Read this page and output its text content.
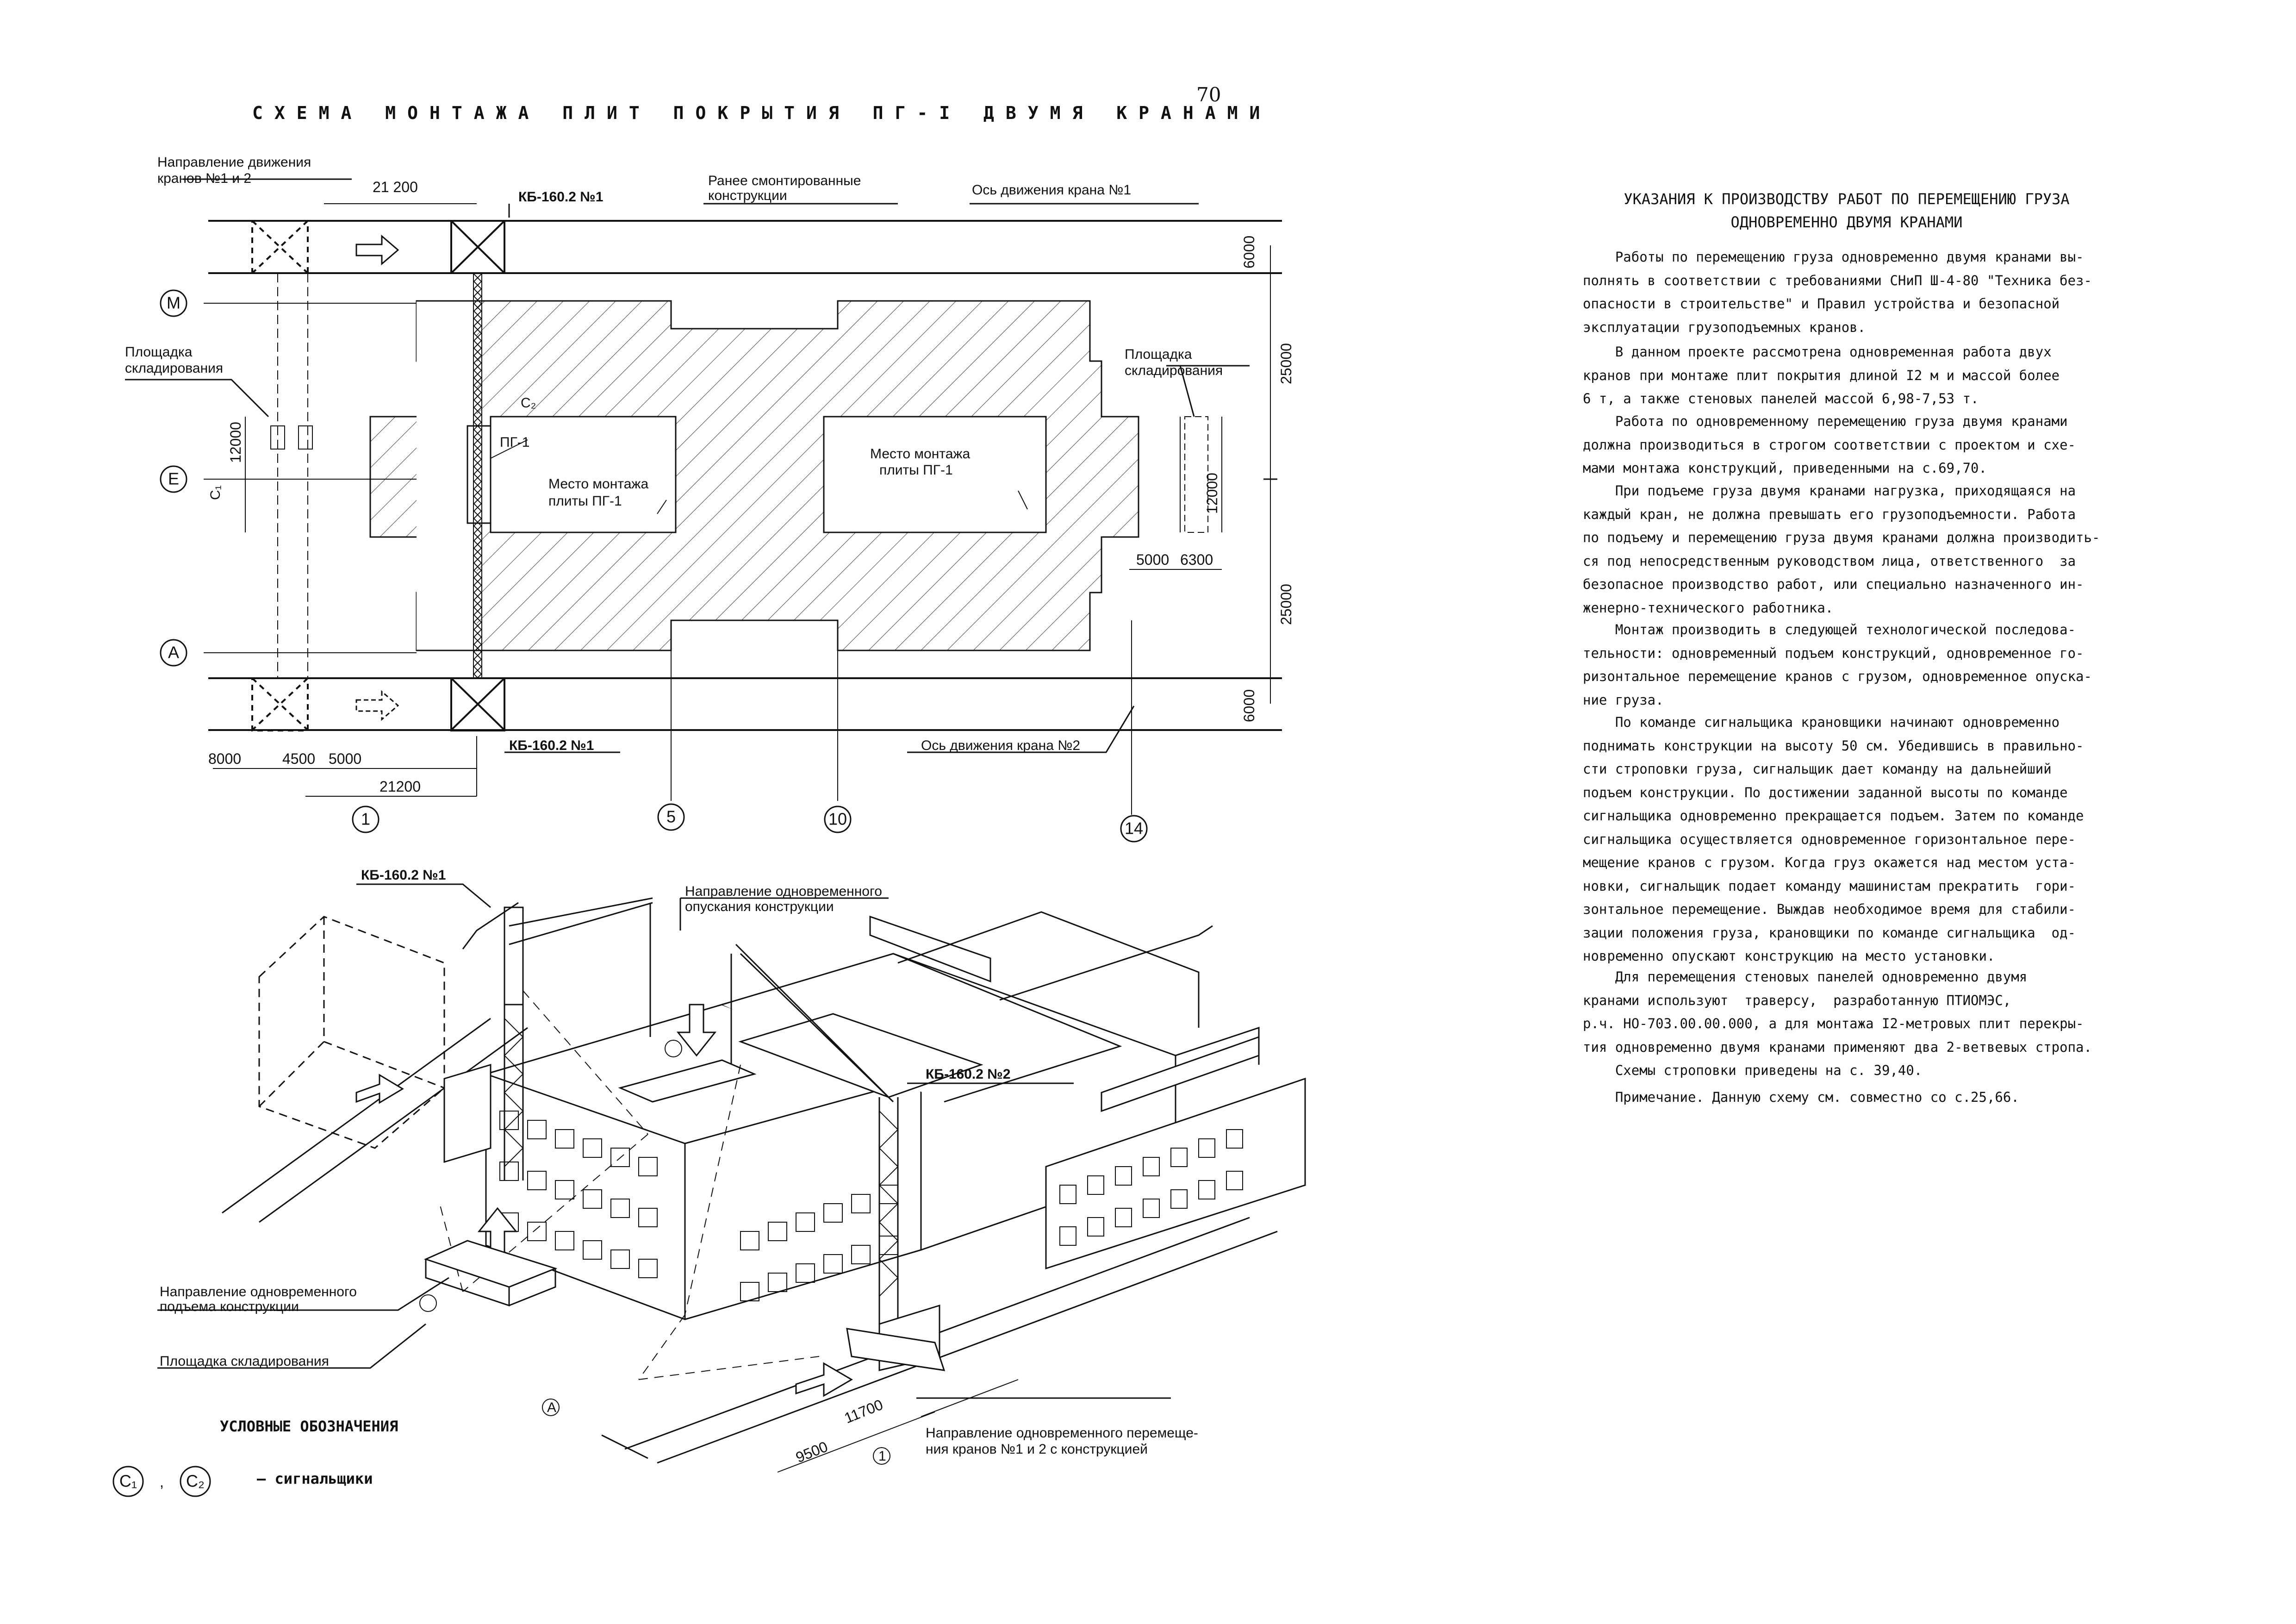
70
СХЕМА МОНТАЖА ПЛИТ ПОКРЫТИЯ ПГ-I ДВУМЯ КРАНАМИ
М
Е
А
1	5	10	14
Направление движения
кранов №1 и 2
21 200
КБ-160.2 №1
Ранее смонтированные
конструкции	Ось движения крана №1
6000
25000
Площадка
складирования
Площадка
складирования
12000
С₁
С₂
ПГ-1
Место монтажа
плиты ПГ-1
Место монтажа
плиты ПГ-1
12000
5000 6300
25000
6000
Ось движения крана №2
КБ-160.2 №1
8000	4500 5000
21200
А
1
КБ-160.2 №1
Направление одновременного
опускания конструкции
КБ-160.2 №2
Направление одновременного
подъема конструкции
Площадка складирования
Направление одновременного перемеще-
ния кранов №1 и 2 с конструкцией
9500
11700
C₁ , C₂
УСЛОВНЫЕ ОБОЗНАЧЕНИЯ
– сигнальщики
УКАЗАНИЯ К ПРОИЗВОДСТВУ РАБОТ ПО ПЕРЕМЕЩЕНИЮ ГРУЗА
ОДНОВРЕМЕННО ДВУМЯ КРАНАМИ
Работы по перемещению груза одновременно двумя кранами вы-
полнять в соответствии с требованиями СНиП Ш-4-80 "Техника без-
опасности в строительстве" и Правил устройства и безопасной
эксплуатации грузоподъемных кранов.
В данном проекте рассмотрена одновременная работа двух
кранов при монтаже плит покрытия длиной I2 м и массой более
6 т, а также стеновых панелей массой 6,98-7,53 т.
Работа по одновременному перемещению груза двумя кранами
должна производиться в строгом соответствии с проектом и схе-
мами монтажа конструкций, приведенными на с.69,70.
При подъеме груза двумя кранами нагрузка, приходящаяся на
каждый кран, не должна превышать его грузоподъемности. Работа
по подъему и перемещению груза двумя кранами должна производить-
ся под непосредственным руководством лица, ответственного  за
безопасное производство работ, или специально назначенного ин-
женерно-технического работника.
Монтаж производить в следующей технологической последова-
тельности: одновременный подъем конструкций, одновременное го-
ризонтальное перемещение кранов с грузом, одновременное опуска-
ние груза.
По команде сигнальщика крановщики начинают одновременно
поднимать конструкции на высоту 50 см. Убедившись в правильно-
сти строповки груза, сигнальщик дает команду на дальнейший
подъем конструкции. По достижении заданной высоты по команде
сигнальщика одновременно прекращается подъем. Затем по команде
сигнальщика осуществляется одновременное горизонтальное пере-
мещение кранов с грузом. Когда груз окажется над местом уста-
новки, сигнальщик подает команду машинистам прекратить  гори-
зонтальное перемещение. Выждав необходимое время для стабили-
зации положения груза, крановщики по команде сигнальщика  од-
новременно опускают конструкцию на место установки.
Для перемещения стеновых панелей одновременно двумя
кранами используют  траверсу,  разработанную ПТИОМЭС,
р.ч. НО-703.00.00.000, а для монтажа I2-метровых плит перекры-
тия одновременно двумя кранами применяют два 2-ветвевых стропа.
Схемы строповки приведены на с. 39,40.
Примечание. Данную схему см. совместно со с.25,66.
